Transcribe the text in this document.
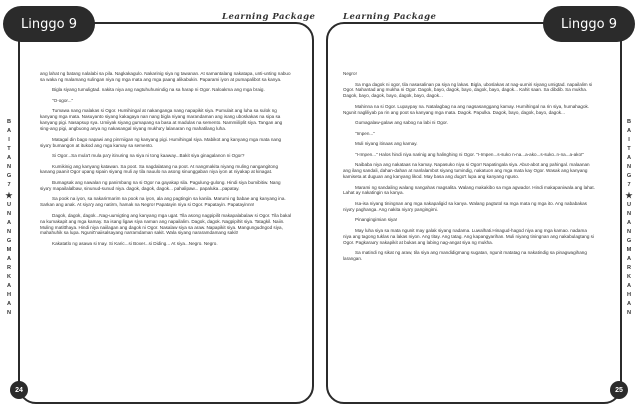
Linggo 9	Linggo 9
Learning Package	Learning Package
B
A
I
T
A
N
G
7
★
U
N
A
N
G
M
A
R
K
A
H
A
N
B
A
I
T
A
N
G
7
★
U
N
A
N
G
M
A
R
K
A
H
A
N

ang lahat ng batang nalalabi sa pila. Nagkakagulo. Nakarinig siya ng tawanan. At samantalang nakatapa, unti-unting nabuo sa waka ng malamang sulingan niya ng mga mata ang mga paang alikabukin. Paparami iyon at pumapalibot sa kanya.

Bigla siyang tumuligtad. nakita niya ang nagtuhuhunindig na sa harap ni Ogor. Naloakma ang mga braig.

"O-ogor..."

Tumawa nang malakas si Ogor. Humihingal at nakanganga nang napapikit siya. Pumulait ang luha sa sulok ng kanyang mga mata. Nasuyanto siyang kakagaya nan nang bigla niyang marandaman ang isang uboskakas na sipa sa kanyang pigi. Nasapsup sya. Umiiyak siyang gumapang sa basa at madulas na semento. Nammiiliplit siya. Tangan ang sing-ang pigi, angbuong anya ng nakasangal niyang mukha'y lalanaran ng mahatilang luha.

Matagal din bago napawi ang pinrniigan ng kanyang pigi. Humihingal siya. Mabikot ang kanyang mga mata nang siya'y bumangon at itukod ang mga kamay sa semento.

Si Ogor...Sa mula't mula pa'y itinuring na siya ni tong kaaway...Bakit siya ginagalanon ni Ogor?

Kumikinig ang kanyang katawan. Sa poot. Sa nagdalatang na poot. At nangmakita niyang muling nangangitong kanang paaniI Ogor upang sipain siyang muli ay tila nauulo na asong sinunggaban niya iyon at niyakap at kinagat.

Bumagsak ang nawalan ng panimbang na si Ogor na gayakap sila. Pagulung-gulong. Hindi siya bumibitiw. Nang siya'y mapailalalbaw, sinunud-sunud niya. dagok, dagok, dagok... pahalipaw... papaluka...papatay.

Sa pook na iyon, sa nakarirmarim na pook na iyon, ala ang pagtingin sa kanila. Marumi ng babae ang kanyang ina. Sarkan ang anak. At siya'y ang natirm, hamak na Negro! Papatayin niya si Ogor. Papatayin. Papatayinnn!

Dagok, dagok, dagok...Nag-uumigting ang kanyang mga ugat. Tila asong nagpipilit makapalabalaw si Ogor. Tila bakal na kumakapit ang mga kamay. Sa isang ligaw siya naman ang napailalim. Dagok, dagok. Nagpipihit siya. Tatagkil. Naiin. Muling matitthaya. Hindi niya naiilagan ang dagok ni Ogor. Nasalaw siya sa araw. Napapikit siya. Mangungudngod siya, mahahuhik sa lupa. Ngunit'naiisalsayang narramdaman sakit. Wala siyang nararamdamang sakit!

Kakatatlo ng asawa si Inay. Si Karic...si Boxer...si Diding... At siya...Negro. Negro.

Negro!

Sa mga dagok ni ogor, tila nasasalinan pa siya ng lakas. Bigla, uboslakas at nag-uumiri siyang umigtad. napailalim si Ogor. Nahantad ang mukha ni Ogor. Dagok, bayo, dagok, bayo, dagok, bayo, dagok... Kahit saan. Sa dibdib. Sa mukha. Dagok, bayo, dagok, bayo, dagok, bayo, dagok...

Mahinna na si Ogor. Lupaypay na. Natalagbag na ang nagsasanggang kamay. Humihingal na rin siya, humahagok. Ngunit nagliliyab pa rin ang poot sa kanyang mga mata. Dagok. Papulka. Dagok, bayo, dagok, bayo, dagok...

Gumagalaw-galaw ang sabog na labi ni Ogor.

"Impen..."

Muli niyang itinaas ang kamay.

"I-Impen..." Halos hindi niya narinig ang halinghing ni Ogor. "I-Impen...s-suko n-na...a-ako...s-suko..n-na...a-ako!"

Naibaba niya ang nakataas na kamay. Napasuko niya si Ogor! Napatingala siya. Abut-abot ang pahingal. malaanan ang ilang sandali, dahan-dahan at nanlalambot siyang tumindig, nakatuon ang mga mata kay Ogor. Wasak ang kanyang kamiseta at duguan ang kanyang likod. May basa ang dugo't lupa ang kanyang nguso.

Marami ng sandaling walang nangahas magsalita. Walang makakibo sa mga agwador. Hindi makapaniwala ang lahat. Lahat ay nakatingin sa kanya.

Isa-isa niyang tiningnan ang mga nakapaligid sa kanya. Walang pagtutol sa mga mata ng mga ito. Ang nababakas niya'y paghanga. Ang nakita niya'y pangingimi.

Pinangingimian siya!

May luha siya sa mata ngunit may galak siyang nadama. Luwalhati.Hinagud-hagod niya ang mga kamao. nadama niya ang tagong tuklas na lakas niyon. Ang titay. Ang tatag. Ang kapangyarihan. Muli niyang tiningnan ang nakabulagtang si Ogor. Pagkaraa'y nakapikit at bukas ang labing nag-angat siya ng mukha.

Sa matindi ng sikat ng araw, tila siya ang mandidigmang sugatan, ngunit matatag na nakatindig sa pinagwagihang larangan.

24	25
